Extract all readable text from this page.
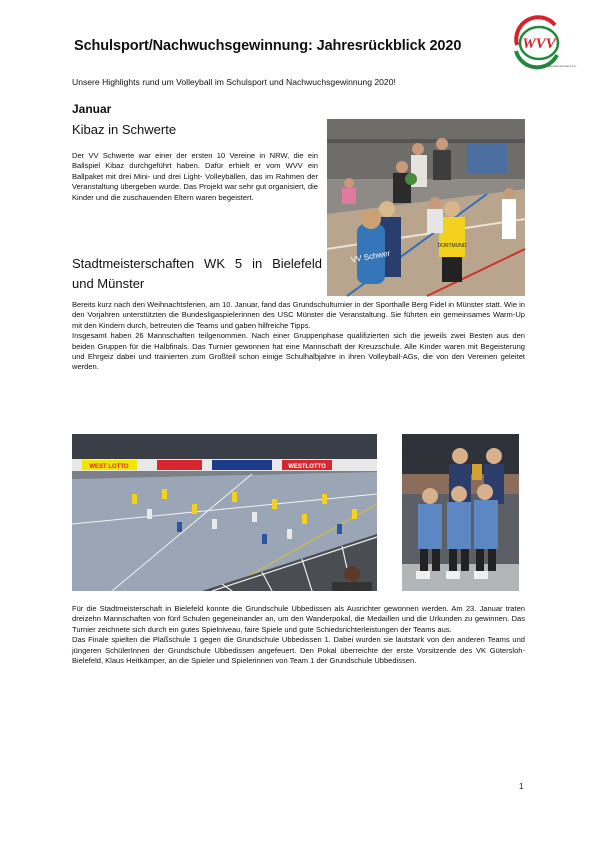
Schulsport/Nachwuchsgewinnung: Jahresrückblick 2020	WVV
Westdeutscher Volleyball-Verband e.V.
Unsere Highlights rund um Volleyball im Schulsport und Nachwuchsgewinnung 2020!
Januar
Kibaz in Schwerte
Der VV Schwerte war einer der ersten 10 Vereine in NRW, die ein Ballspiel Kibaz durchgeführt haben. Dafür erhielt er vom WVV ein Ballpaket mit drei Mini- und drei Light- Volleybällen, das im Rahmen der Veranstaltung übergeben wurde. Das Projekt war sehr gut organisiert, die Kinder und die zuschauenden Eltern waren begeistert.
VV Schwer
DORTMUND
Stadtmeisterschaften WK 5 in Bielefeld und Münster
Bereits kurz nach den Weihnachtsferien, am 10. Januar, fand das Grundschulturnier in der Sporthalle Berg Fidel in Münster statt. Wie in den Vorjahren unterstützten die Bundesligaspielerinnen des USC Münster die Veranstaltung. Sie führten ein gemeinsames Warm-Up mit den Kindern durch, betreuten die Teams und gaben hilfreiche Tipps.
Insgesamt haben 26 Mannschaften teilgenommen. Nach einer Gruppenphase qualifizierten sich die jeweils zwei Besten aus den beiden Gruppen für die Halbfinals. Das Turnier gewonnen hat eine Mannschaft der Kreuzschule. Alle Kinder waren mit Begeisterung und Ehrgeiz dabei und trainierten zum Großteil schon einige Schulhalbjahre in ihren Volleyball-AGs, die von den Vereinen geleitet werden.
WEST LOTTO	WESTLOTTO
Für die Stadtmeisterschaft in Bielefeld konnte die Grundschule Ubbedissen als Ausrichter gewonnen werden. Am 23. Januar traten dreizehn Mannschaften von fünf Schulen gegeneinander an, um den Wanderpokal, die Medaillen und die Urkunden zu gewinnen. Das Turnier zeichnete sich durch ein gutes Spielniveau, faire Spiele und gute Schiedsrichterleistungen der Teams aus.
Das Finale spielten die Plaßschule 1 gegen die Grundschule Ubbedissen 1. Dabei wurden sie lautstark von den anderen Teams und jüngeren SchülerInnen der Grundschule Ubbedissen angefeuert. Den Pokal überreichte der erste Vorsitzende des VK Gütersloh-Bielefeld, Klaus Heitkämper, an die Spieler und Spielerinnen von Team 1 der Grundschule Ubbedissen.
1
